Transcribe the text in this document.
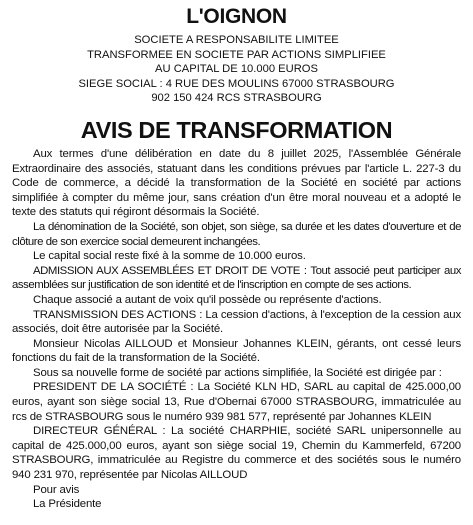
L'OIGNON
SOCIETE A RESPONSABILITE LIMITEE
TRANSFORMEE EN SOCIETE PAR ACTIONS SIMPLIFIEE
AU CAPITAL DE 10.000 EUROS
SIEGE SOCIAL : 4 RUE DES MOULINS 67000 STRASBOURG
902 150 424 RCS STRASBOURG
AVIS DE TRANSFORMATION

Aux termes d'une délibération en date du 8 juillet 2025, l'Assemblée Générale Extraordinaire des associés, statuant dans les conditions prévues par l'article L. 227-3 du Code de commerce, a décidé la transformation de la Société en société par actions simplifiée à compter du même jour, sans création d'un être moral nouveau et a adopté le texte des statuts qui régiront désormais la Société.

La dénomination de la Société, son objet, son siège, sa durée et les dates d'ouverture et de clôture de son exercice social demeurent inchangées.

Le capital social reste fixé à la somme de 10.000 euros.

ADMISSION AUX ASSEMBLÉES ET DROIT DE VOTE : Tout associé peut participer aux assemblées sur justification de son identité et de l'inscription en compte de ses actions.

Chaque associé a autant de voix qu'il possède ou représente d'actions.

TRANSMISSION DES ACTIONS : La cession d'actions, à l'exception de la cession aux associés, doit être autorisée par la Société.

Monsieur Nicolas AILLOUD et Monsieur Johannes KLEIN, gérants, ont cessé leurs fonctions du fait de la transformation de la Société.

Sous sa nouvelle forme de société par actions simplifiée, la Société est dirigée par :

PRESIDENT DE LA SOCIÉTÉ : La Société KLN HD, SARL au capital de 425.000,00 euros, ayant son siège social 13, Rue d'Obernai 67000 STRASBOURG, immatriculée au rcs de STRASBOURG sous le numéro 939 981 577, représenté par Johannes KLEIN

DIRECTEUR GÉNÉRAL : La société CHARPHIE, société SARL unipersonnelle au capital de 425.000,00 euros, ayant son siège social 19, Chemin du Kammerfeld, 67200 STRASBOURG, immatriculée au Registre du commerce et des sociétés sous le numéro 940 231 970, représentée par Nicolas AILLOUD

Pour avis

La Présidente
